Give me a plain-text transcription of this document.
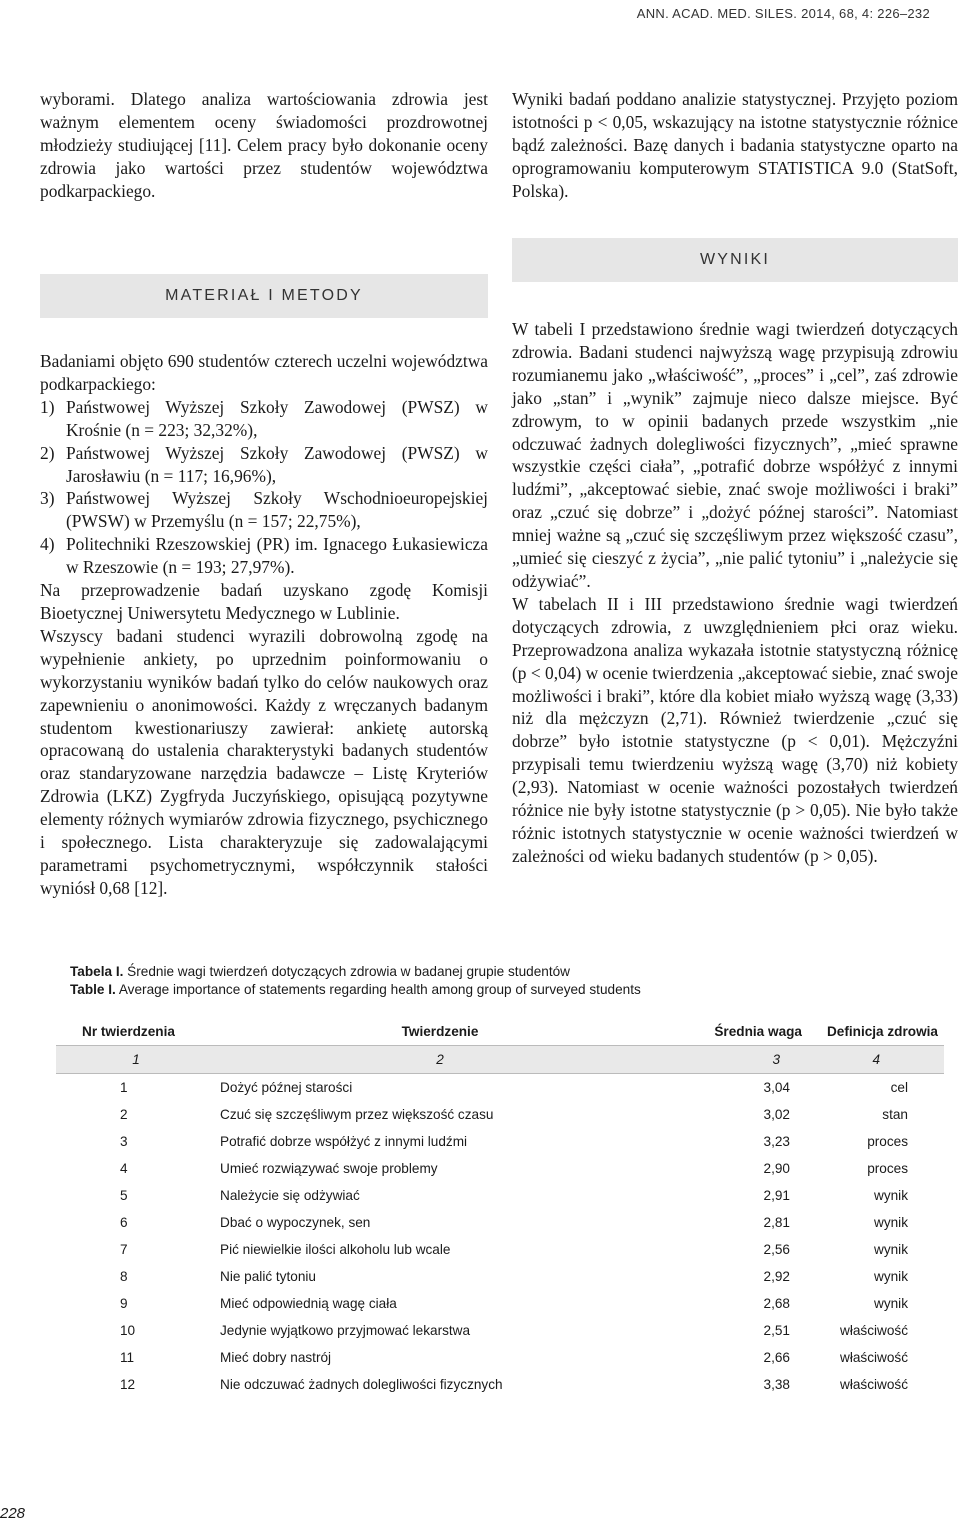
ANN. ACAD. MED. SILES. 2014, 68, 4: 226–232

wyborami. Dlatego analiza wartościowania zdrowia jest ważnym elementem oceny świadomości prozdrowotnej młodzieży studiującej [11]. Celem pracy było dokonanie oceny zdrowia jako wartości przez studentów województwa podkarpackiego.

MATERIAŁ I METODY

Badaniami objęto 690 studentów czterech uczelni województwa podkarpackiego:

1) Państwowej Wyższej Szkoły Zawodowej (PWSZ) w Krośnie (n = 223; 32,32%),
2) Państwowej Wyższej Szkoły Zawodowej (PWSZ) w Jarosławiu (n = 117; 16,96%),
3) Państwowej Wyższej Szkoły Wschodnioeuropejskiej (PWSW) w Przemyślu (n = 157; 22,75%),
4) Politechniki Rzeszowskiej (PR) im. Ignacego Łukasiewicza w Rzeszowie (n = 193; 27,97%).

Na przeprowadzenie badań uzyskano zgodę Komisji Bioetycznej Uniwersytetu Medycznego w Lublinie.

Wszyscy badani studenci wyrazili dobrowolną zgodę na wypełnienie ankiety, po uprzednim poinformowaniu o wykorzystaniu wyników badań tylko do celów naukowych oraz zapewnieniu o anonimowości. Każdy z wręczanych badanym studentom kwestionariuszy zawierał: ankietę autorską opracowaną do ustalenia charakterystyki badanych studentów oraz standaryzowane narzędzia badawcze – Listę Kryteriów Zdrowia (LKZ) Zygfryda Juczyńskiego, opisującą pozytywne elementy różnych wymiarów zdrowia fizycznego, psychicznego i społecznego. Lista charakteryzuje się zadowalającymi parametrami psychometrycznymi, współczynnik stałości wyniósł 0,68 [12].

Wyniki badań poddano analizie statystycznej. Przyjęto poziom istotności p < 0,05, wskazujący na istotne statystycznie różnice bądź zależności. Bazę danych i badania statystyczne oparto na oprogramowaniu komputerowym STATISTICA 9.0 (StatSoft, Polska).

WYNIKI

W tabeli I przedstawiono średnie wagi twierdzeń dotyczących zdrowia. Badani studenci najwyższą wagę przypisują zdrowiu rozumianemu jako „właściwość”, „proces” i „cel”, zaś zdrowie jako „stan” i „wynik” zajmuje nieco dalsze miejsce. Być zdrowym, to w opinii badanych przede wszystkim „nie odczuwać żadnych dolegliwości fizycznych”, „mieć sprawne wszystkie części ciała”, „potrafić dobrze współżyć z innymi ludźmi”, „akceptować siebie, znać swoje możliwości i braki” oraz „czuć się dobrze” i „dożyć późnej starości”. Natomiast mniej ważne są „czuć się szczęśliwym przez większość czasu”, „umieć się cieszyć z życia”, „nie palić tytoniu” i „należycie się odżywiać”.

W tabelach II i III przedstawiono średnie wagi twierdzeń dotyczących zdrowia, z uwzględnieniem płci oraz wieku. Przeprowadzona analiza wykazała istotnie statystyczną różnicę (p < 0,04) w ocenie twierdzenia „akceptować siebie, znać swoje możliwości i braki”, które dla kobiet miało wyższą wagę (3,33) niż dla mężczyzn (2,71). Również twierdzenie „czuć się dobrze” było istotnie statystyczne (p < 0,01). Mężczyźni przypisali temu twierdzeniu wyższą wagę (3,70) niż kobiety (2,93). Natomiast w ocenie ważności pozostałych twierdzeń różnice nie były istotne statystycznie (p > 0,05). Nie było także różnic istotnych statystycznie w ocenie ważności twierdzeń w zależności od wieku badanych studentów (p > 0,05).

Tabela I. Średnie wagi twierdzeń dotyczących zdrowia w badanej grupie studentów
Table I. Average importance of statements regarding health among group of surveyed students
Nr twierdzenia	Twierdzenie	Średnia waga	Definicja zdrowia
1	2	3	4
1	Dożyć późnej starości	3,04	cel
2	Czuć się szczęśliwym przez większość czasu	3,02	stan
3	Potrafić dobrze współżyć z innymi ludźmi	3,23	proces
4	Umieć rozwiązywać swoje problemy	2,90	proces
5	Należycie się odżywiać	2,91	wynik
6	Dbać o wypoczynek, sen	2,81	wynik
7	Pić niewielkie ilości alkoholu lub wcale	2,56	wynik
8	Nie palić tytoniu	2,92	wynik
9	Mieć odpowiednią wagę ciała	2,68	wynik
10	Jedynie wyjątkowo przyjmować lekarstwa	2,51	właściwość
11	Mieć dobry nastrój	2,66	właściwość
12	Nie odczuwać żadnych dolegliwości fizycznych	3,38	właściwość
228
